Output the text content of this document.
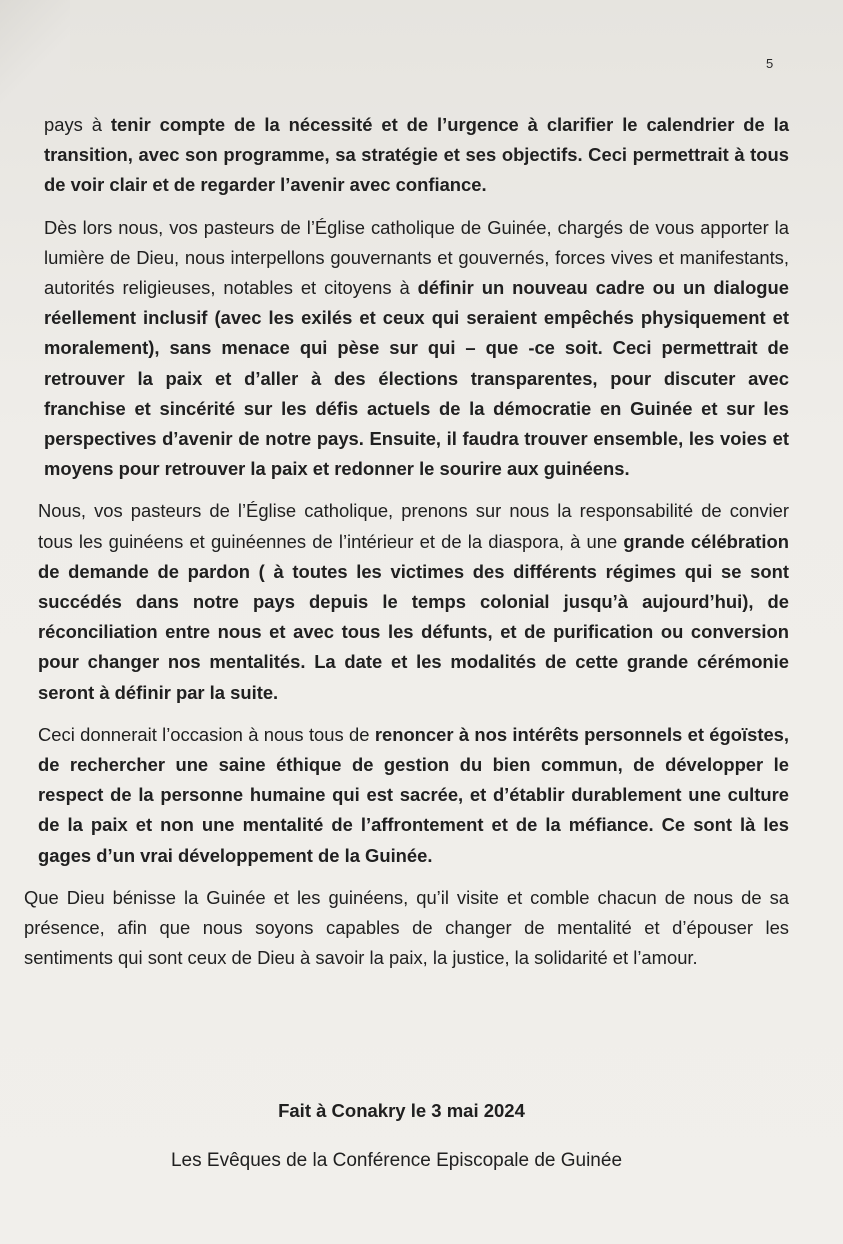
5

pays à tenir compte de la nécessité et de l’urgence à clarifier le calendrier de la transition, avec son programme, sa stratégie et ses objectifs. Ceci permettrait à tous de voir clair et de regarder l’avenir avec confiance.

Dès lors nous, vos pasteurs de l’Église catholique de Guinée, chargés de vous apporter la lumière de Dieu, nous interpellons gouvernants et gouvernés, forces vives et manifestants, autorités religieuses, notables et citoyens à définir un nouveau cadre ou un dialogue réellement inclusif (avec les exilés et ceux qui seraient empêchés physiquement et moralement), sans menace qui pèse sur qui – que -ce soit. Ceci permettrait de retrouver la paix et d’aller à des élections transparentes, pour discuter avec franchise et sincérité sur les défis actuels de la démocratie en Guinée et sur les perspectives d’avenir de notre pays. Ensuite, il faudra trouver ensemble, les voies et moyens pour retrouver la paix et redonner le sourire aux guinéens.

Nous, vos pasteurs de l’Église catholique, prenons sur nous la responsabilité de convier tous les guinéens et guinéennes de l’intérieur et de la diaspora, à une grande célébration de demande de pardon ( à toutes les victimes des différents régimes qui se sont succédés dans notre pays depuis le temps colonial jusqu’à aujourd’hui), de réconciliation entre nous et avec tous les défunts, et de purification ou conversion pour changer nos mentalités. La date et les modalités de cette grande cérémonie seront à définir par la suite.

Ceci donnerait l’occasion à nous tous de renoncer à nos intérêts personnels et égoïstes, de rechercher une saine éthique de gestion du bien commun, de développer le respect de la personne humaine qui est sacrée, et d’établir durablement une culture de la paix et non une mentalité de l’affrontement et de la méfiance. Ce sont là les gages d’un vrai développement de la Guinée.

Que Dieu bénisse la Guinée et les guinéens, qu’il visite et comble chacun de nous de sa présence, afin que nous soyons capables de changer de mentalité et d’épouser les sentiments qui sont ceux de Dieu à savoir la paix, la justice, la solidarité et l’amour.

Fait à Conakry le 3 mai 2024
Les Evêques de la Conférence Episcopale de Guinée
